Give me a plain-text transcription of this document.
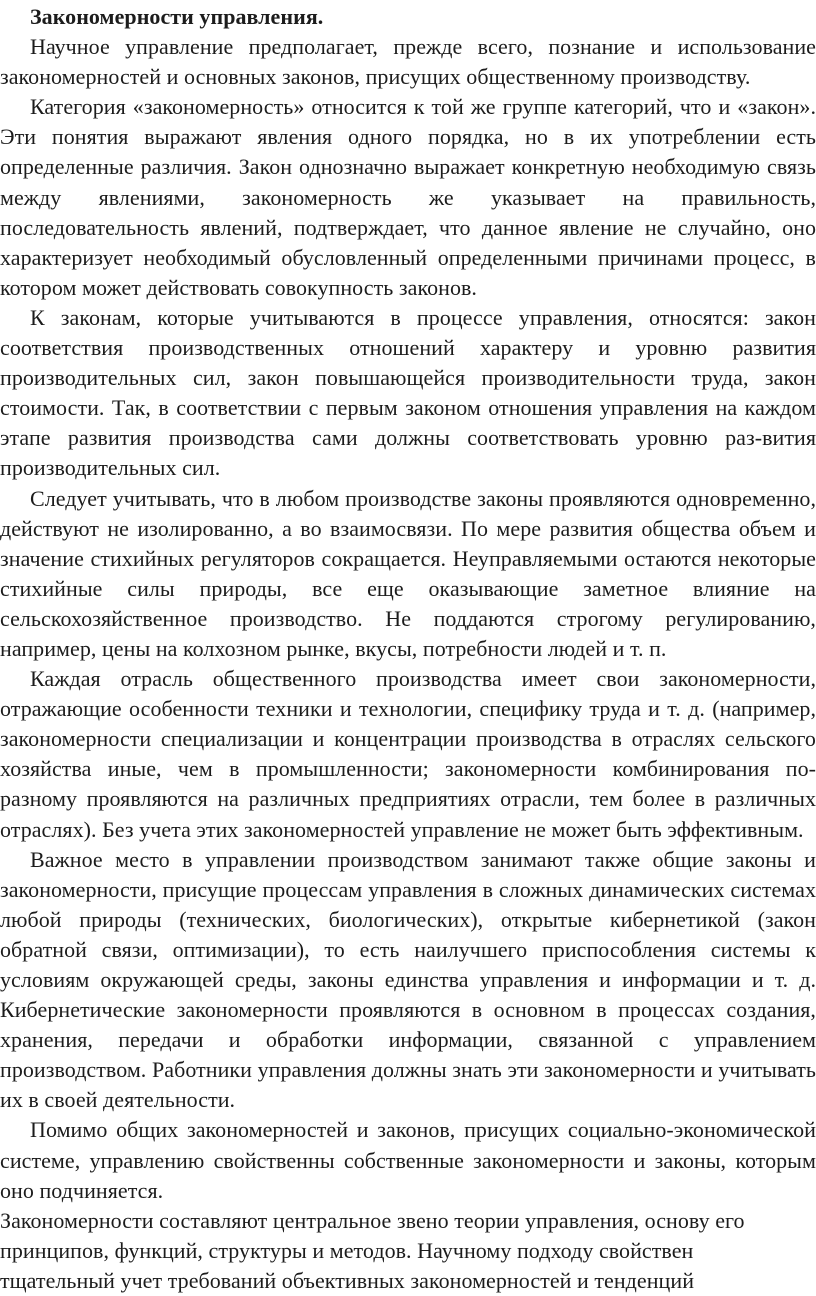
Закономерности управления.

Научное управление предполагает, прежде всего, познание и использование закономерностей и основных законов, присущих общественному производству.

Категория «закономерность» относится к той же группе категорий, что и «закон». Эти понятия выражают явления одного порядка, но в их употреблении есть определенные различия. Закон однозначно выражает конкретную необходимую связь между явлениями, закономерность же указывает на правильность, последовательность явлений, подтверждает, что данное явление не случайно, оно характеризует необходимый обусловленный определенными причинами процесс, в котором может действовать совокупность законов.

К законам, которые учитываются в процессе управления, относятся: закон соответствия производственных отношений характеру и уровню развития производительных сил, закон повышающейся производительности труда, закон стоимости. Так, в соответствии с первым законом отношения управления на каждом этапе развития производства сами должны соответствовать уровню раз-вития производительных сил.

Следует учитывать, что в любом производстве законы проявляются одновременно, действуют не изолированно, а во взаимосвязи. По мере развития общества объем и значение стихийных регуляторов сокращается. Неуправляемыми остаются некоторые стихийные силы природы, все еще оказывающие заметное влияние на сельскохозяйственное производство. Не поддаются строгому регулированию, например, цены на колхозном рынке, вкусы, потребности людей и т. п.

Каждая отрасль общественного производства имеет свои закономерности, отражающие особенности техники и технологии, специфику труда и т. д. (например, закономерности специализации и концентрации производства в отраслях сельского хозяйства иные, чем в промышленности; закономерности комбинирования по-разному проявляются на различных предприятиях отрасли, тем более в различных отраслях). Без учета этих закономерностей управление не может быть эффективным.

Важное место в управлении производством занимают также общие законы и закономерности, присущие процессам управления в сложных динамических системах любой природы (технических, биологических), открытые кибернетикой (закон обратной связи, оптимизации), то есть наилучшего приспособления системы к условиям окружающей среды, законы единства управления и информации и т. д. Кибернетические закономерности проявляются в основном в процессах создания, хранения, передачи и обработки информации, связанной с управлением производством. Работники управления должны знать эти закономерности и учитывать их в своей деятельности.

Помимо общих закономерностей и законов, присущих социально-экономической системе, управлению свойственны собственные закономерности и законы, которым оно подчиняется.

Закономерности составляют центральное звено теории управления, основу его принципов, функций, структуры и методов. Научному подходу свойствен тщательный учет требований объективных закономерностей и тенденций
